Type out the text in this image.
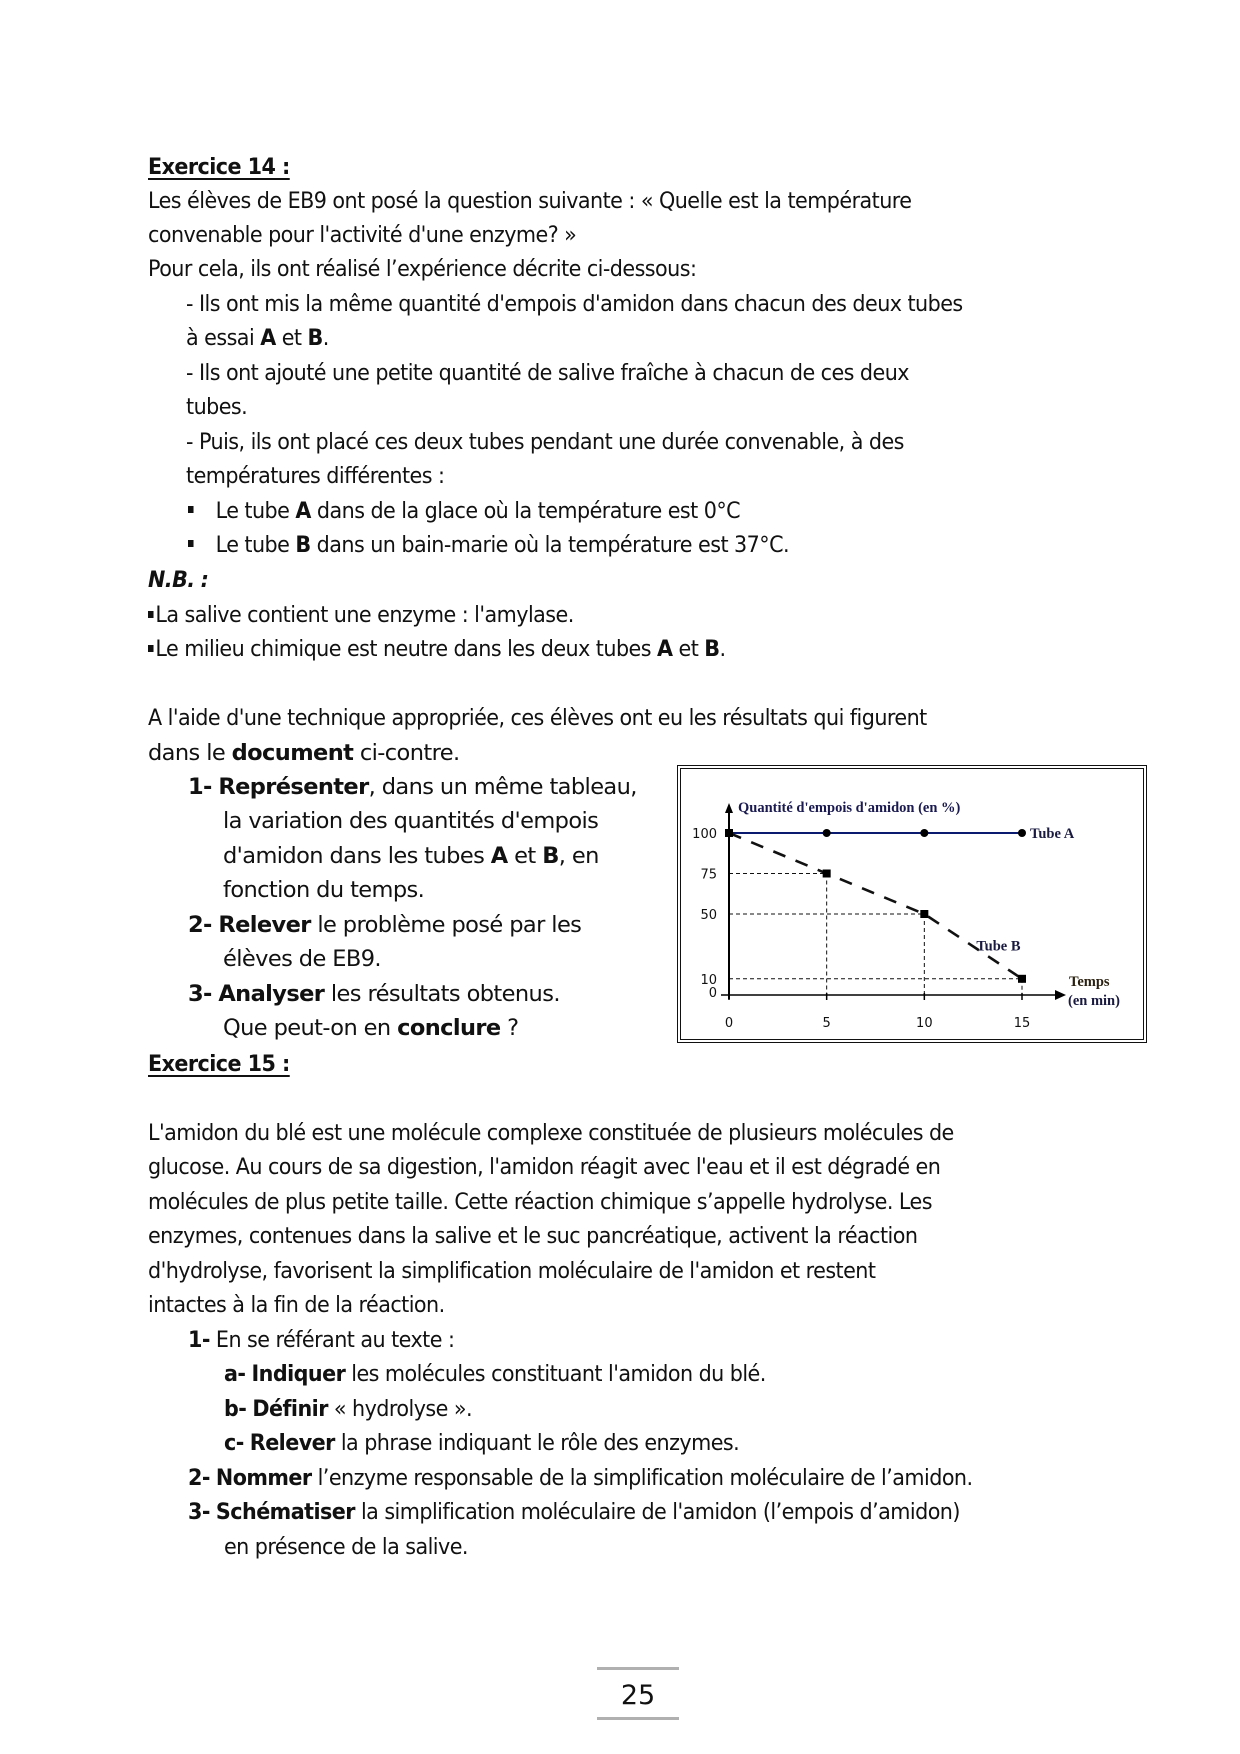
Exercice 14 :
Les élèves de EB9 ont posé la question suivante : « Quelle est la température
convenable pour l'activité d'une enzyme? »
Pour cela, ils ont réalisé l’expérience décrite ci-dessous:
- Ils ont mis la même quantité d'empois d'amidon dans chacun des deux tubes
à essai A et B.
- Ils ont ajouté une petite quantité de salive fraîche à chacun de ces deux
tubes.
- Puis, ils ont placé ces deux tubes pendant une durée convenable, à des
températures différentes :
Le tube A dans de la glace où la température est 0°C
Le tube B dans un bain-marie où la température est 37°C.
N.B. :
La salive contient une enzyme : l'amylase.
Le milieu chimique est neutre dans les deux tubes A et B.
A l'aide d'une technique appropriée, ces élèves ont eu les résultats qui figurent
dans le document ci-contre.
1- Représenter, dans un même tableau,
la variation des quantités d'empois
d'amidon dans les tubes A et B, en
fonction du temps.
2- Relever le problème posé par les
élèves de EB9.
3- Analyser les résultats obtenus.
Que peut-on en conclure ?
Tube A
Tube B
0
10
50
75
100
0	5	10	15
Quantité d'empois d'amidon (en %)
Temps
(en min)
Exercice 15 :
L'amidon du blé est une molécule complexe constituée de plusieurs molécules de
glucose. Au cours de sa digestion, l'amidon réagit avec l'eau et il est dégradé en
molécules de plus petite taille. Cette réaction chimique s’appelle hydrolyse. Les
enzymes, contenues dans la salive et le suc pancréatique, activent la réaction
d'hydrolyse, favorisent la simplification moléculaire de l'amidon et restent
intactes à la fin de la réaction.
1- En se référant au texte :
a- Indiquer les molécules constituant l'amidon du blé.
b- Définir « hydrolyse ».
c- Relever la phrase indiquant le rôle des enzymes.
2- Nommer l’enzyme responsable de la simplification moléculaire de l’amidon.
3- Schématiser la simplification moléculaire de l'amidon (l’empois d’amidon)
en présence de la salive.
25
